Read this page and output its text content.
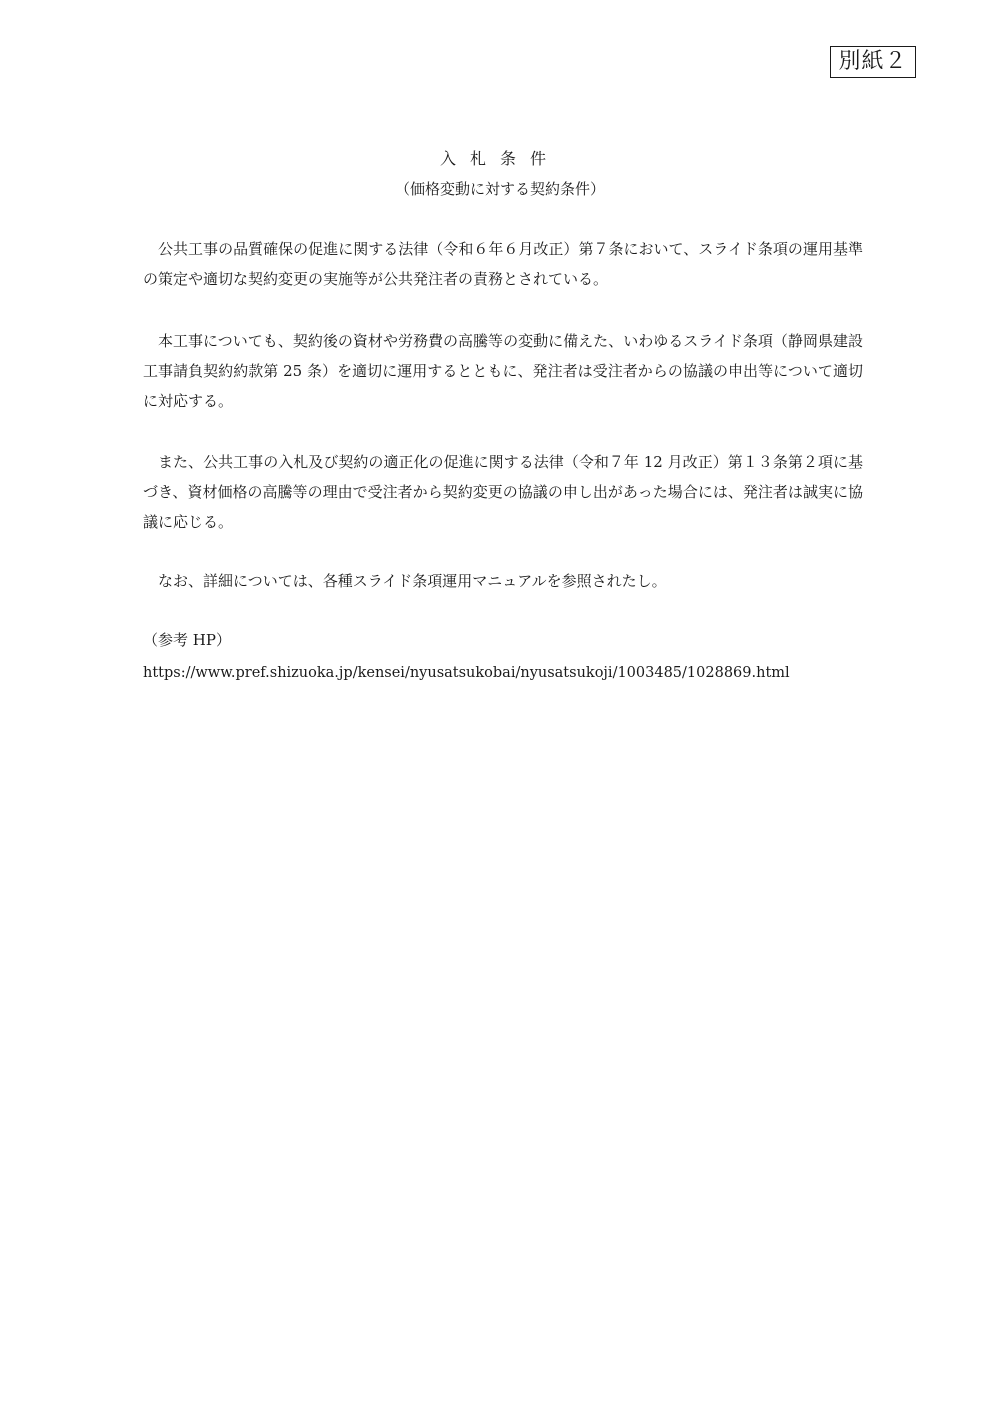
別紙２
入札条件
（価格変動に対する契約条件）

公共工事の品質確保の促進に関する法律（令和６年６月改正）第７条において、スライド条項の運用基準の策定や適切な契約変更の実施等が公共発注者の責務とされている。

本工事についても、契約後の資材や労務費の高騰等の変動に備えた、いわゆるスライド条項（静岡県建設工事請負契約約款第 25 条）を適切に運用するとともに、発注者は受注者からの協議の申出等について適切に対応する。

また、公共工事の入札及び契約の適正化の促進に関する法律（令和７年 12 月改正）第１３条第２項に基づき、資材価格の高騰等の理由で受注者から契約変更の協議の申し出があった場合には、発注者は誠実に協議に応じる。

なお、詳細については、各種スライド条項運用マニュアルを参照されたし。

（参考 HP）
https://www.pref.shizuoka.jp/kensei/nyusatsukobai/nyusatsukoji/1003485/1028869.html
